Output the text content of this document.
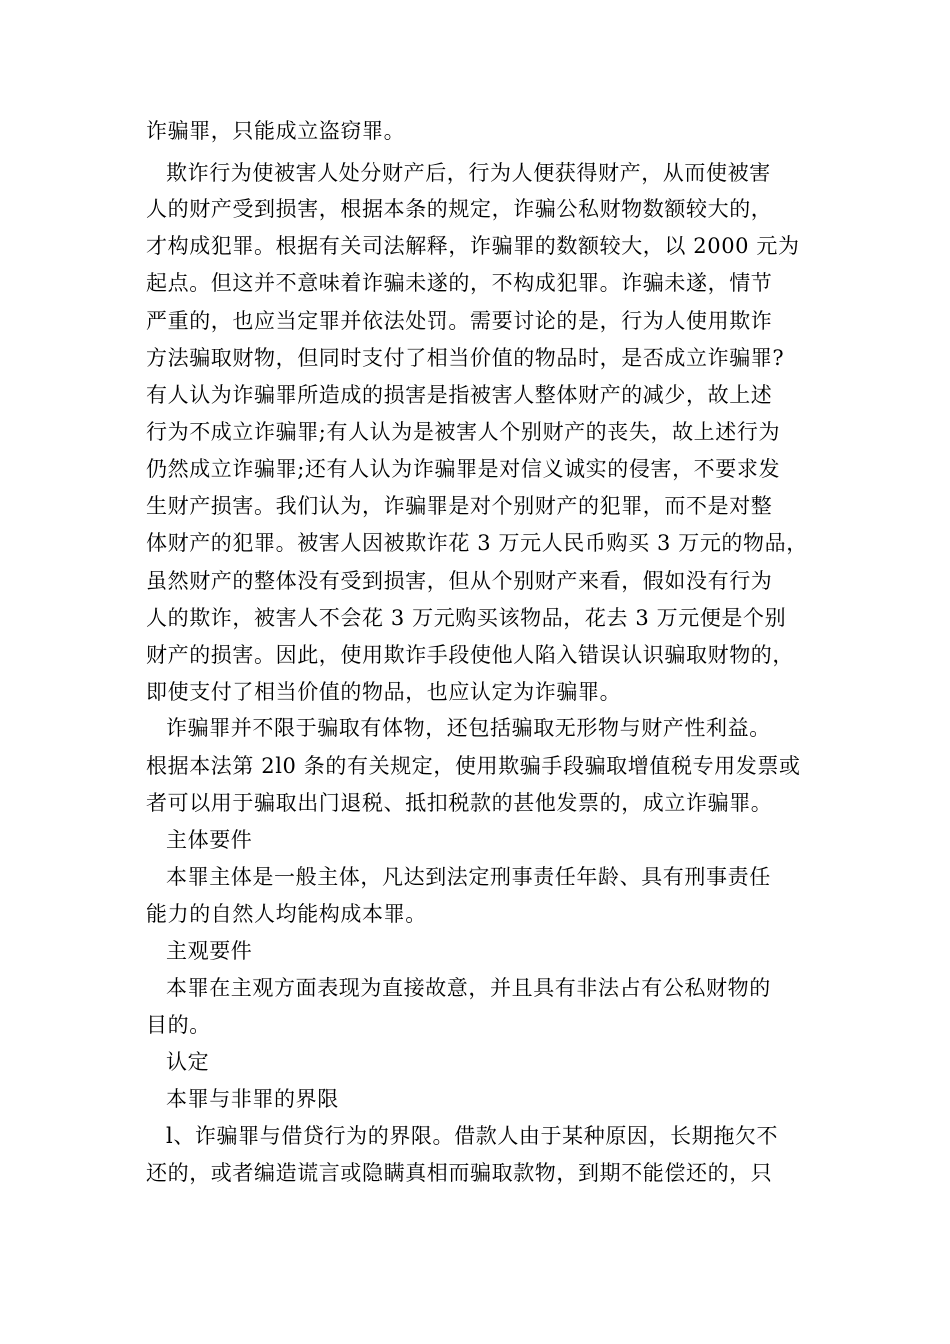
诈骗罪，只能成立盗窃罪。
欺诈行为使被害人处分财产后，行为人便获得财产，从而使被害
人的财产受到损害，根据本条的规定，诈骗公私财物数额较大的，
才构成犯罪。根据有关司法解释，诈骗罪的数额较大，以 2000 元为
起点。但这并不意味着诈骗未遂的，不构成犯罪。诈骗未遂，情节
严重的，也应当定罪并依法处罚。需要讨论的是，行为人使用欺诈
方法骗取财物，但同时支付了相当价值的物品时，是否成立诈骗罪?
有人认为诈骗罪所造成的损害是指被害人整体财产的减少，故上述
行为不成立诈骗罪;有人认为是被害人个别财产的丧失，故上述行为
仍然成立诈骗罪;还有人认为诈骗罪是对信义诚实的侵害，不要求发
生财产损害。我们认为，诈骗罪是对个别财产的犯罪，而不是对整
体财产的犯罪。被害人因被欺诈花 3 万元人民币购买 3 万元的物品，
虽然财产的整体没有受到损害，但从个别财产来看，假如没有行为
人的欺诈，被害人不会花 3 万元购买该物品，花去 3 万元便是个别
财产的损害。因此，使用欺诈手段使他人陷入错误认识骗取财物的，
即使支付了相当价值的物品，也应认定为诈骗罪。
诈骗罪并不限于骗取有体物，还包括骗取无形物与财产性利益。
根据本法第 2l0 条的有关规定，使用欺骗手段骗取增值税专用发票或
者可以用于骗取出门退税、抵扣税款的甚他发票的，成立诈骗罪。
主体要件
本罪主体是一般主体，凡达到法定刑事责任年龄、具有刑事责任
能力的自然人均能构成本罪。
主观要件
本罪在主观方面表现为直接故意，并且具有非法占有公私财物的
目的。
认定
本罪与非罪的界限
l、诈骗罪与借贷行为的界限。借款人由于某种原因，长期拖欠不
还的，或者编造谎言或隐瞒真相而骗取款物，到期不能偿还的，只
